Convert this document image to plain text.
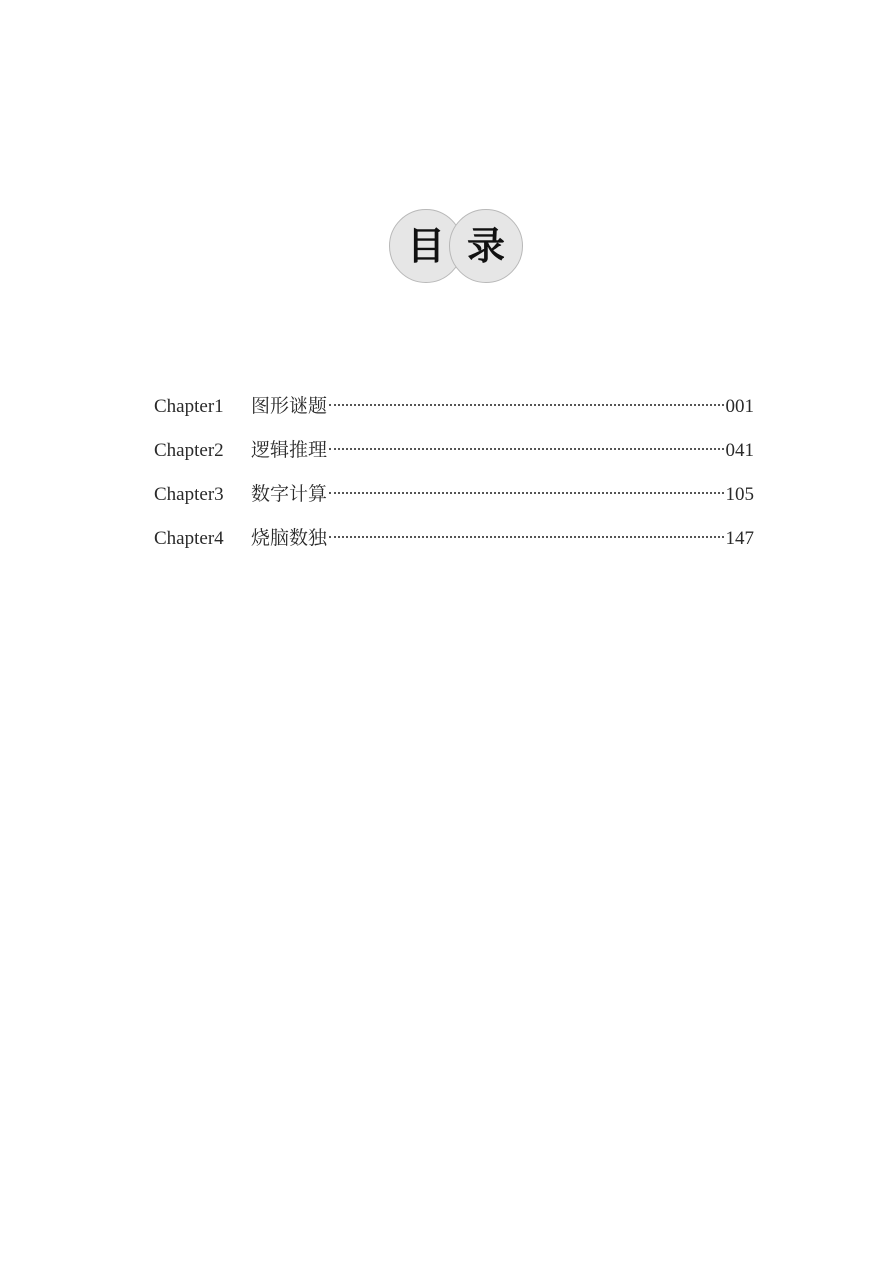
目 录
Chapter1	图形谜题	001
Chapter2	逻辑推理	041
Chapter3	数字计算	105
Chapter4	烧脑数独	147
